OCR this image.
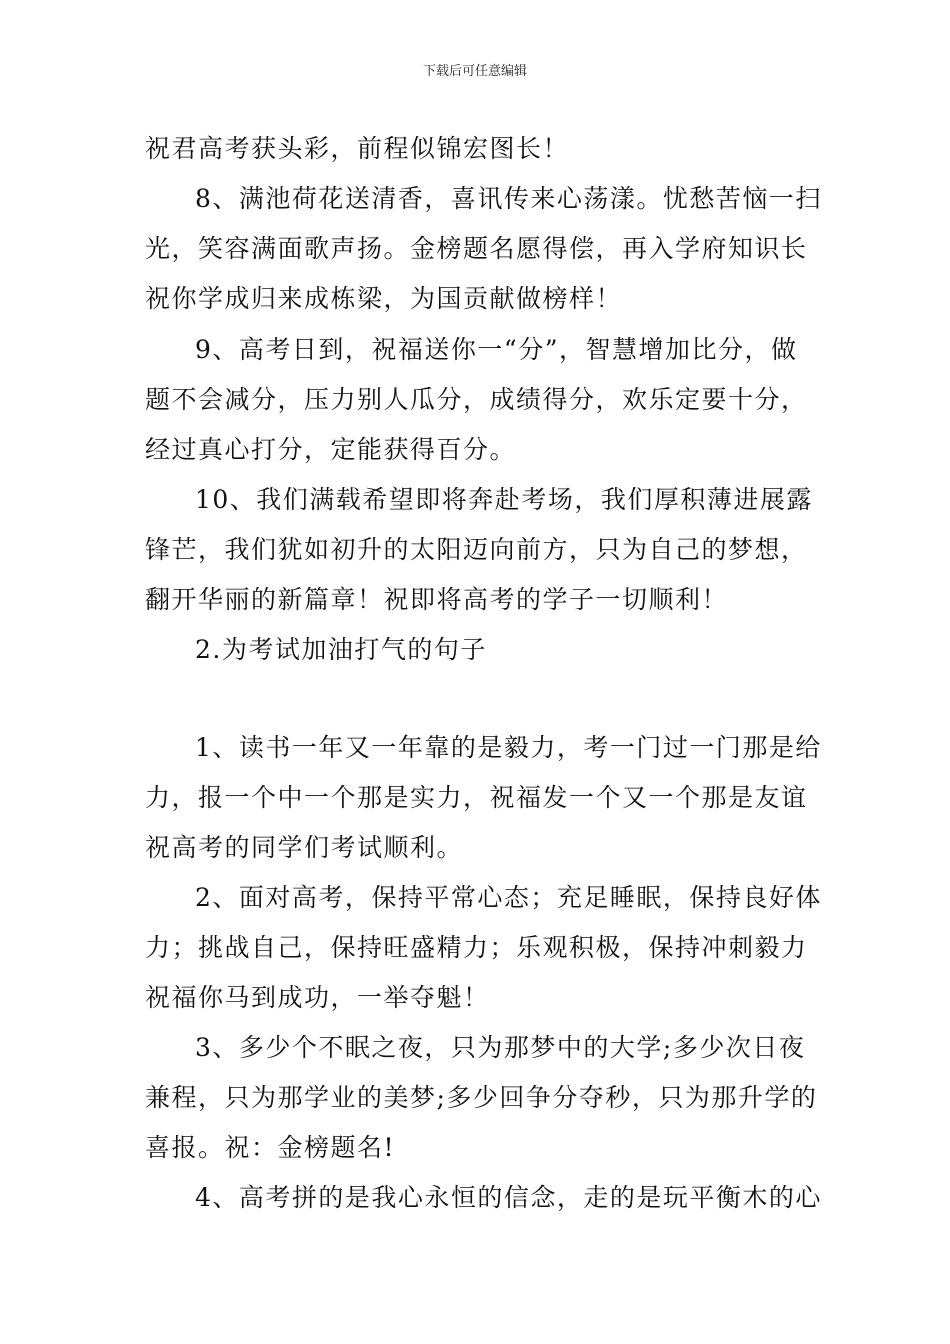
下载后可任意编辑
祝君高考获头彩，前程似锦宏图长！
8、满池荷花送清香，喜讯传来心荡漾。忧愁苦恼一扫
光，笑容满面歌声扬。金榜题名愿得偿，再入学府知识长
祝你学成归来成栋梁，为国贡献做榜样！
9、高考日到，祝福送你一“分”，智慧增加比分，做
题不会减分，压力别人瓜分，成绩得分，欢乐定要十分，
经过真心打分，定能获得百分。
10、我们满载希望即将奔赴考场，我们厚积薄进展露
锋芒，我们犹如初升的太阳迈向前方，只为自己的梦想，
翻开华丽的新篇章！祝即将高考的学子一切顺利！
2.为考试加油打气的句子
1、读书一年又一年靠的是毅力，考一门过一门那是给
力，报一个中一个那是实力，祝福发一个又一个那是友谊
祝高考的同学们考试顺利。
2、面对高考，保持平常心态；充足睡眠，保持良好体
力；挑战自己，保持旺盛精力；乐观积极，保持冲刺毅力
祝福你马到成功，一举夺魁！
3、多少个不眠之夜，只为那梦中的大学;多少次日夜
兼程，只为那学业的美梦;多少回争分夺秒，只为那升学的
喜报。祝：金榜题名!
4、高考拼的是我心永恒的信念，走的是玩平衡木的心
